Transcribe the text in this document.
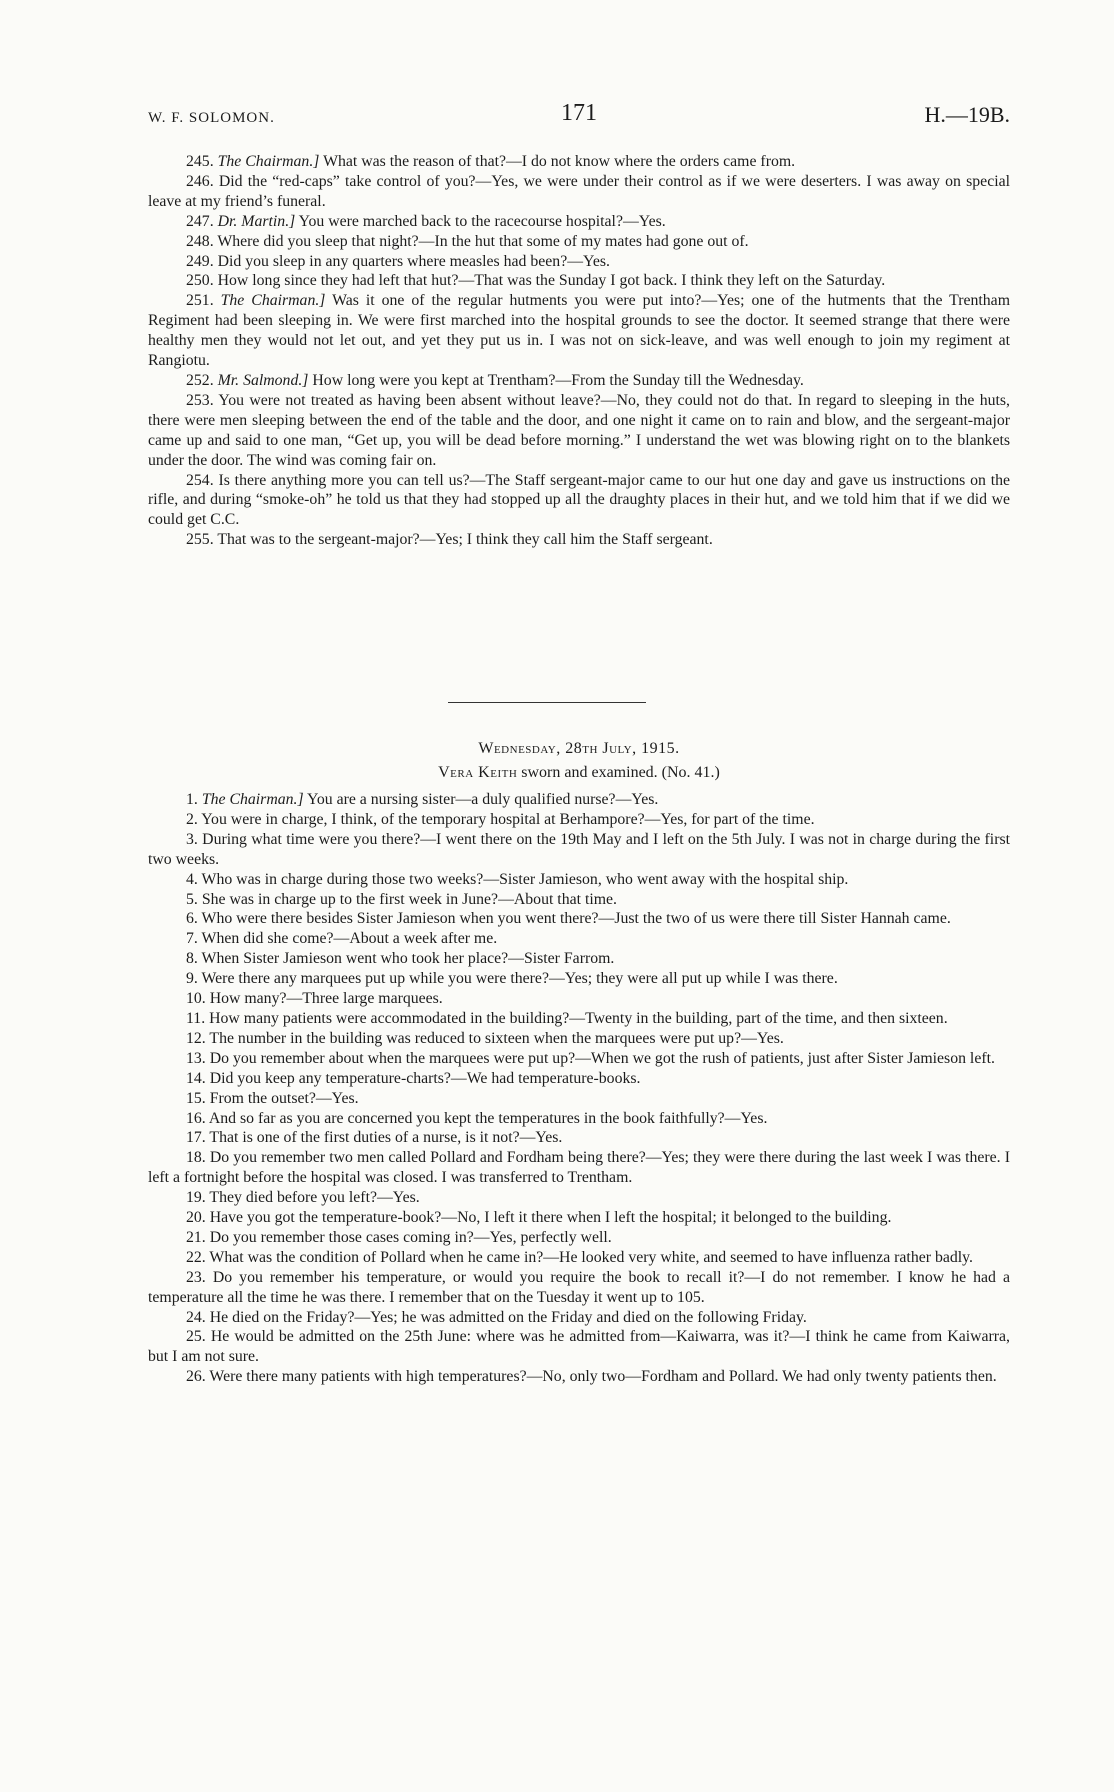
W. F. SOLOMON.	171	H.—19B.

245. The Chairman.] What was the reason of that?—I do not know where the orders came from.

246. Did the “red-caps” take control of you?—Yes, we were under their control as if we were deserters. I was away on special leave at my friend’s funeral.

247. Dr. Martin.] You were marched back to the racecourse hospital?—Yes.

248. Where did you sleep that night?—In the hut that some of my mates had gone out of.

249. Did you sleep in any quarters where measles had been?—Yes.

250. How long since they had left that hut?—That was the Sunday I got back. I think they left on the Saturday.

251. The Chairman.] Was it one of the regular hutments you were put into?—Yes; one of the hutments that the Trentham Regiment had been sleeping in. We were first marched into the hospital grounds to see the doctor. It seemed strange that there were healthy men they would not let out, and yet they put us in. I was not on sick-leave, and was well enough to join my regiment at Rangiotu.

252. Mr. Salmond.] How long were you kept at Trentham?—From the Sunday till the Wednesday.

253. You were not treated as having been absent without leave?—No, they could not do that. In regard to sleeping in the huts, there were men sleeping between the end of the table and the door, and one night it came on to rain and blow, and the sergeant-major came up and said to one man, “Get up, you will be dead before morning.” I understand the wet was blowing right on to the blankets under the door. The wind was coming fair on.

254. Is there anything more you can tell us?—The Staff sergeant-major came to our hut one day and gave us instructions on the rifle, and during “smoke-oh” he told us that they had stopped up all the draughty places in their hut, and we told him that if we did we could get C.C.

255. That was to the sergeant-major?—Yes; I think they call him the Staff sergeant.

Wednesday, 28th July, 1915.
Vera Keith sworn and examined. (No. 41.)

1. The Chairman.] You are a nursing sister—a duly qualified nurse?—Yes.

2. You were in charge, I think, of the temporary hospital at Berhampore?—Yes, for part of the time.

3. During what time were you there?—I went there on the 19th May and I left on the 5th July. I was not in charge during the first two weeks.

4. Who was in charge during those two weeks?—Sister Jamieson, who went away with the hospital ship.

5. She was in charge up to the first week in June?—About that time.

6. Who were there besides Sister Jamieson when you went there?—Just the two of us were there till Sister Hannah came.

7. When did she come?—About a week after me.

8. When Sister Jamieson went who took her place?—Sister Farrom.

9. Were there any marquees put up while you were there?—Yes; they were all put up while I was there.

10. How many?—Three large marquees.

11. How many patients were accommodated in the building?—Twenty in the building, part of the time, and then sixteen.

12. The number in the building was reduced to sixteen when the marquees were put up?—Yes.

13. Do you remember about when the marquees were put up?—When we got the rush of patients, just after Sister Jamieson left.

14. Did you keep any temperature-charts?—We had temperature-books.

15. From the outset?—Yes.

16. And so far as you are concerned you kept the temperatures in the book faithfully?—Yes.

17. That is one of the first duties of a nurse, is it not?—Yes.

18. Do you remember two men called Pollard and Fordham being there?—Yes; they were there during the last week I was there. I left a fortnight before the hospital was closed. I was transferred to Trentham.

19. They died before you left?—Yes.

20. Have you got the temperature-book?—No, I left it there when I left the hospital; it belonged to the building.

21. Do you remember those cases coming in?—Yes, perfectly well.

22. What was the condition of Pollard when he came in?—He looked very white, and seemed to have influenza rather badly.

23. Do you remember his temperature, or would you require the book to recall it?—I do not remember. I know he had a temperature all the time he was there. I remember that on the Tuesday it went up to 105.

24. He died on the Friday?—Yes; he was admitted on the Friday and died on the following Friday.

25. He would be admitted on the 25th June: where was he admitted from—Kaiwarra, was it?—I think he came from Kaiwarra, but I am not sure.

26. Were there many patients with high temperatures?—No, only two—Fordham and Pollard. We had only twenty patients then.
